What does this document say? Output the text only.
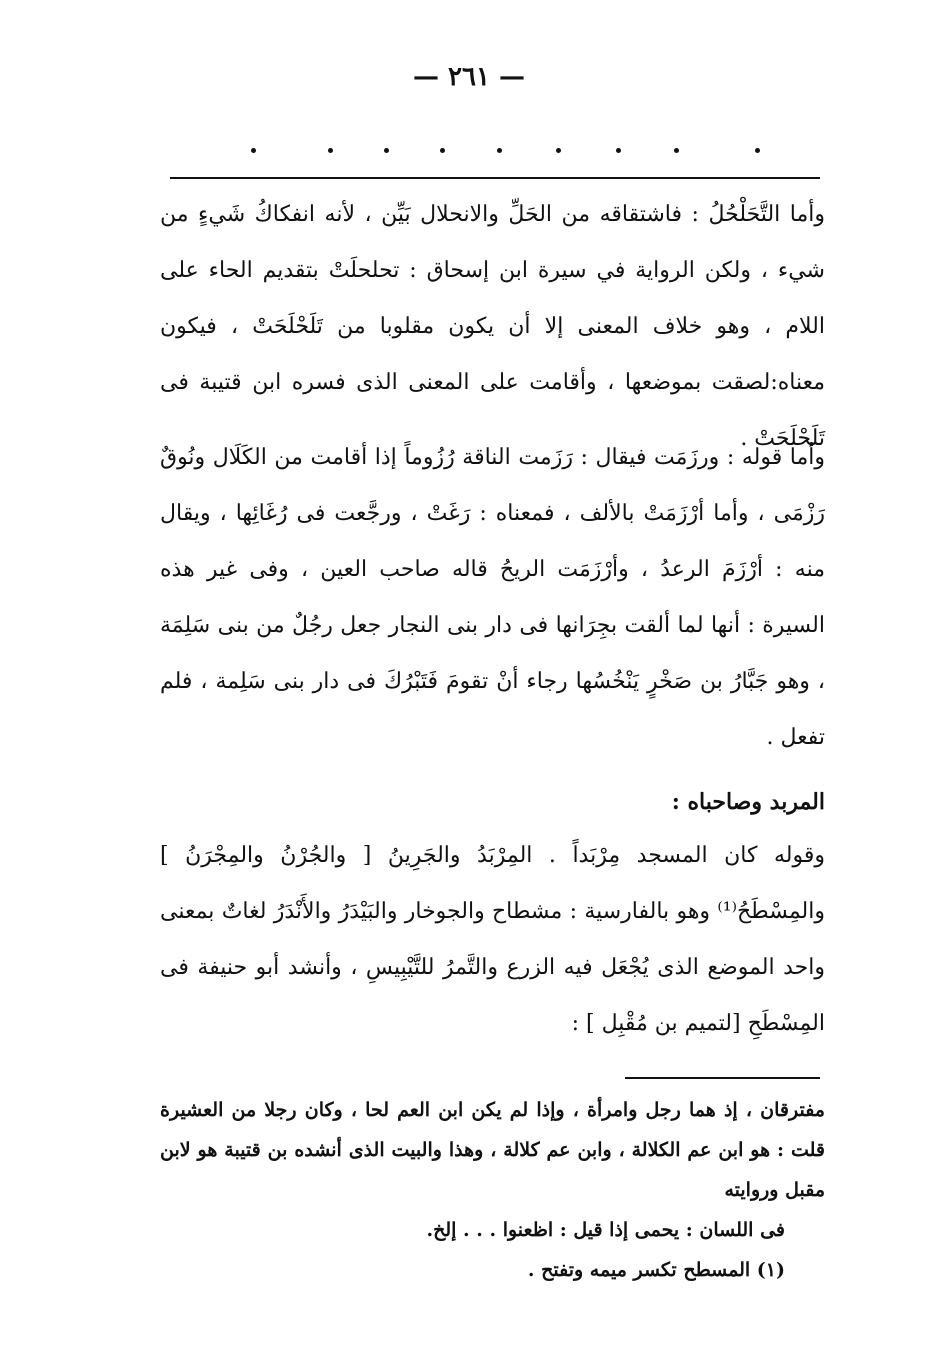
— ٢٦١ —

وأما التَّحَلْحُلُ : فاشتقاقه من الحَلِّ والانحلال بَيِّن ، لأنه انفكاكُ شَيءٍ من شيء ، ولكن الرواية في سيرة ابن إسحاق : تحلحلَتْ بتقديم الحاء على اللام ، وهو خلاف المعنى إلا أن يكون مقلوبا من تَلَحْلَحَتْ ، فيكون معناه:لصقت بموضعها ، وأقامت على المعنى الذى فسره ابن قتيبة فى تَلَحْلَحَتْ .

وأما قوله : ورزَمَت فيقال : رَزَمت الناقة رُزُوماً إذا أقامت من الكَلَال ونُوقٌ رَزْمَى ، وأما أرْزَمَتْ بالألف ، فمعناه : رَغَتْ ، ورجَّعت فى رُغَائِها ، ويقال منه : أرْزَمَ الرعدُ ، وأرْزَمَت الريحُ قاله صاحب العين ، وفى غير هذه السيرة : أنها لما ألقت بجِرَانها فى دار بنى النجار جعل رجُلٌ من بنى سَلِمَة ، وهو جَبَّارُ بن صَخْرٍ يَنْخُسُها رجاء أنْ تقومَ فَتَبْرُكَ فى دار بنى سَلِمة ، فلم تفعل .

المربد وصاحباه :

وقوله كان المسجد مِرْبَداً . المِرْبَدُ والجَرِينُ [ والجُرْنُ والمِجْرَنُ ] والمِسْطَحُ⁽¹⁾ وهو بالفارسية : مشطاح والجوخار والبَيْدَرُ والأَنْدَرُ لغاتٌ بمعنى واحد الموضع الذى يُجْعَل فيه الزرع والتَّمرُ للتَّيْبِيسِ ، وأنشد أبو حنيفة فى المِسْطَحِ [لتميم بن مُقْبِل ] :

مفترقان ، إذ هما رجل وامرأة ، وإذا لم يكن ابن العم لحا ، وكان رجلا من العشيرة قلت : هو ابن عم الكلالة ، وابن عم كلالة ، وهذا والبيت الذى أنشده بن قتيبة هو لابن مقبل وروايته
فى اللسان : يحمى إذا قيل : اظعنوا . . . إلخ.
(١) المسطح تكسر ميمه وتفتح .
